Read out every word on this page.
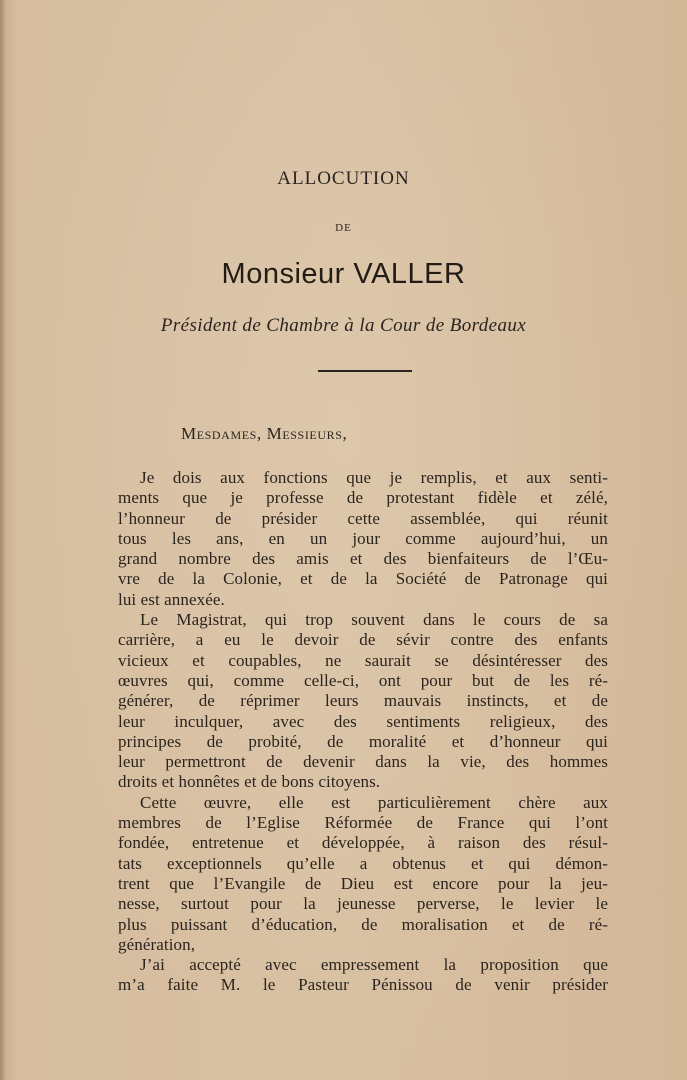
ALLOCUTION
DE
Monsieur VALLER
Président de Chambre à la Cour de Bordeaux
Mesdames, Messieurs,
Je dois aux fonctions que je remplis, et aux senti-
ments que je professe de protestant fidèle et zélé,
l’honneur de présider cette assemblée, qui réunit
tous les ans, en un jour comme aujourd’hui, un
grand nombre des amis et des bienfaiteurs de l’Œu-
vre de la Colonie, et de la Société de Patronage qui
lui est annexée.
Le Magistrat, qui trop souvent dans le cours de sa
carrière, a eu le devoir de sévir contre des enfants
vicieux et coupables, ne saurait se désintéresser des
œuvres qui, comme celle-ci, ont pour but de les ré-
générer, de réprimer leurs mauvais instincts, et de
leur inculquer, avec des sentiments religieux, des
principes de probité, de moralité et d’honneur qui
leur permettront de devenir dans la vie, des hommes
droits et honnêtes et de bons citoyens.
Cette œuvre, elle est particulièrement chère aux
membres de l’Eglise Réformée de France qui l’ont
fondée, entretenue et développée, à raison des résul-
tats exceptionnels qu’elle a obtenus et qui démon-
trent que l’Evangile de Dieu est encore pour la jeu-
nesse, surtout pour la jeunesse perverse, le levier le
plus puissant d’éducation, de moralisation et de ré-
génération,
J’ai accepté avec empressement la proposition que
m’a faite M. le Pasteur Pénissou de venir présider
